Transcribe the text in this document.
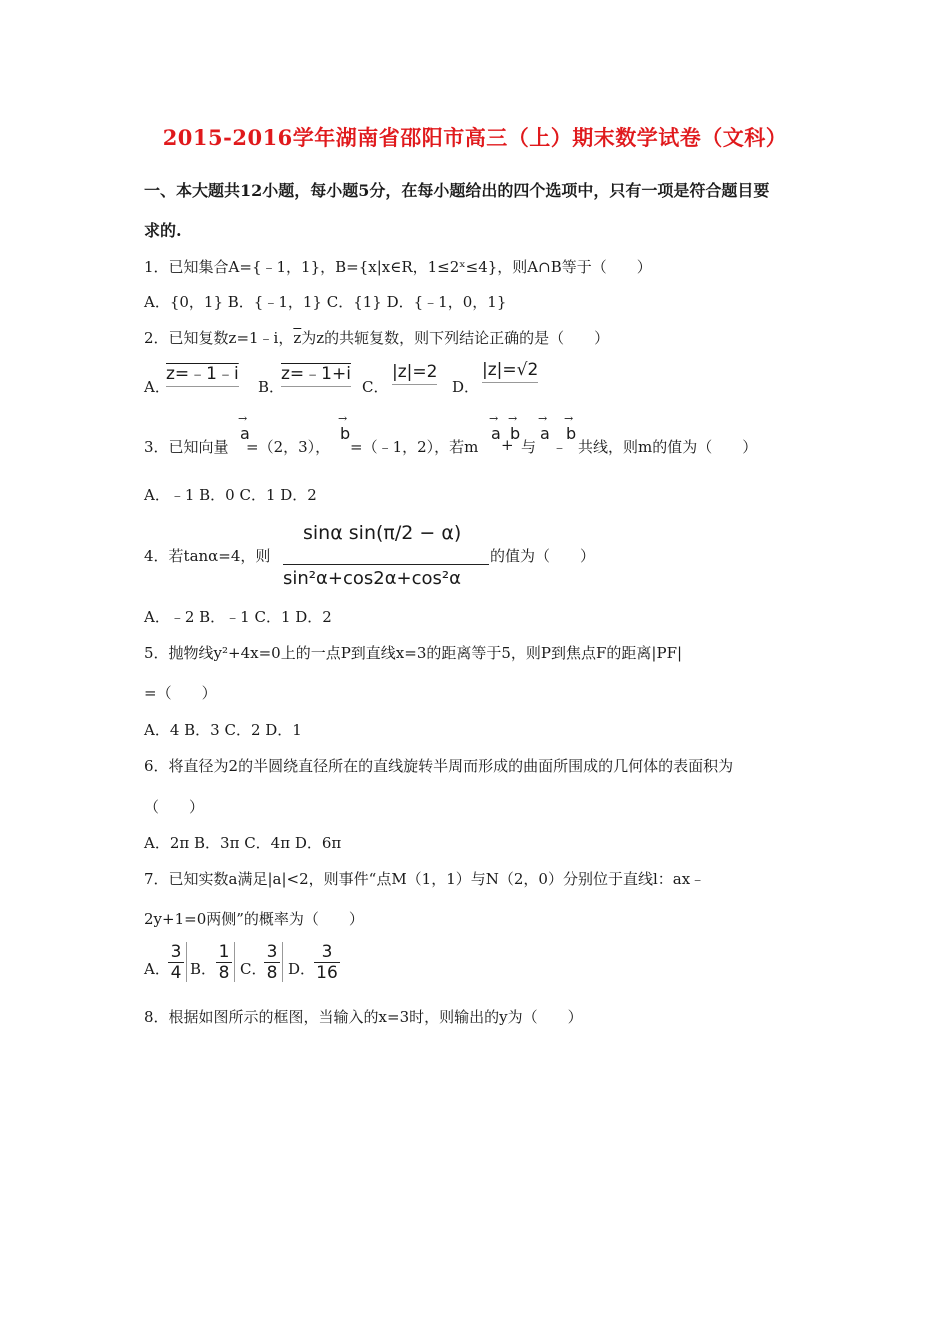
2015-2016学年湖南省邵阳市高三（上）期末数学试卷（文科）
一、本大题共12小题，每小题5分，在每小题给出的四个选项中，只有一项是符合题目要
求的.
1．已知集合A={﹣1，1}，B={x|x∈R，1≤2ˣ≤4}，则A∩B等于（　　）
A．{0，1} B．{﹣1，1} C．{1} D．{﹣1，0，1}
2．已知复数z=1﹣i，$\overline{z}$为z的共轭复数，则下列结论正确的是（　　）
A．
z=﹣1﹣i
B．
z=﹣1+i
C．
|z|=2
D．
|z|=√2
3．已知向量
a
→
=（2，3），
b
→
=（﹣1，2），若m
a
→
+
b
→
与
a
→
﹣
b
→
共线，则m的值为（　　）
A．﹣1 B．0 C．1 D．2
4．若tanα=4，则
sinα sin(π/2 − α)
sin²α+cos2α+cos²α
的值为（　　）
A．﹣2 B．﹣1 C．1 D．2
5．抛物线y²+4x=0上的一点P到直线x=3的距离等于5，则P到焦点F的距离|PF|
=（　　）
A．4 B．3 C．2 D．1
6．将直径为2的半圆绕直径所在的直线旋转半周而形成的曲面所围成的几何体的表面积为
（　　）
A．2π B．3π C．4π D．6π
7．已知实数a满足|a|<2，则事件“点M（1，1）与N（2，0）分别位于直线l：ax﹣
2y+1=0两侧”的概率为（　　）
A．
3
4 B．
1
8 C．
3
8 D．
3
16
8．根据如图所示的框图，当输入的x=3时，则输出的y为（　　）
